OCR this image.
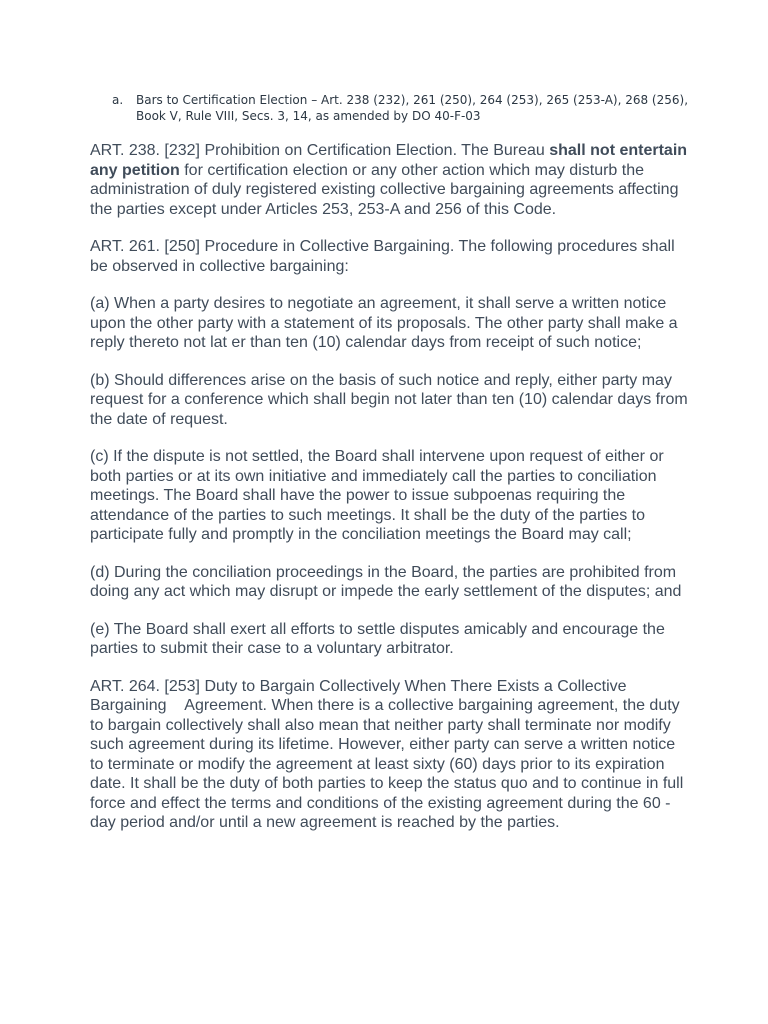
a.	Bars to Certification Election – Art. 238 (232), 261 (250), 264 (253), 265 (253-A), 268 (256), Book V, Rule VIII, Secs. 3, 14, as amended by DO 40-F-03

ART. 238. [232] Prohibition on Certification Election. The Bureau shall not entertain any petition for certification election or any other action which may disturb the administration of duly registered existing collective bargaining agreements affecting the parties except under Articles 253, 253-A and 256 of this Code.

ART. 261. [250] Procedure in Collective Bargaining. The following procedures shall be observed in collective bargaining:

(a) When a party desires to negotiate an agreement, it shall serve a written notice upon the other party with a statement of its proposals. The other party shall make a reply thereto not lat er than ten (10) calendar days from receipt of such notice;

(b) Should differences arise on the basis of such notice and reply, either party may request for a conference which shall begin not later than ten (10) calendar days from the date of request.

(c) If the dispute is not settled, the Board shall intervene upon request of either or both parties or at its own initiative and immediately call the parties to conciliation meetings. The Board shall have the power to issue subpoenas requiring the attendance of the parties to such meetings. It shall be the duty of the parties to participate fully and promptly in the conciliation meetings the Board may call;

(d) During the conciliation proceedings in the Board, the parties are prohibited from doing any act which may disrupt or impede the early settlement of the disputes; and

(e) The Board shall exert all efforts to settle disputes amicably and encourage the parties to submit their case to a voluntary arbitrator.

ART. 264. [253] Duty to Bargain Collectively When There Exists a Collective Bargaining    Agreement. When there is a collective bargaining agreement, the duty to bargain collectively shall also mean that neither party shall terminate nor modify such agreement during its lifetime. However, either party can serve a written notice to terminate or modify the agreement at least sixty (60) days prior to its expiration date. It shall be the duty of both parties to keep the status quo and to continue in full force and effect the terms and conditions of the existing agreement during the 60 -day period and/or until a new agreement is reached by the parties.
